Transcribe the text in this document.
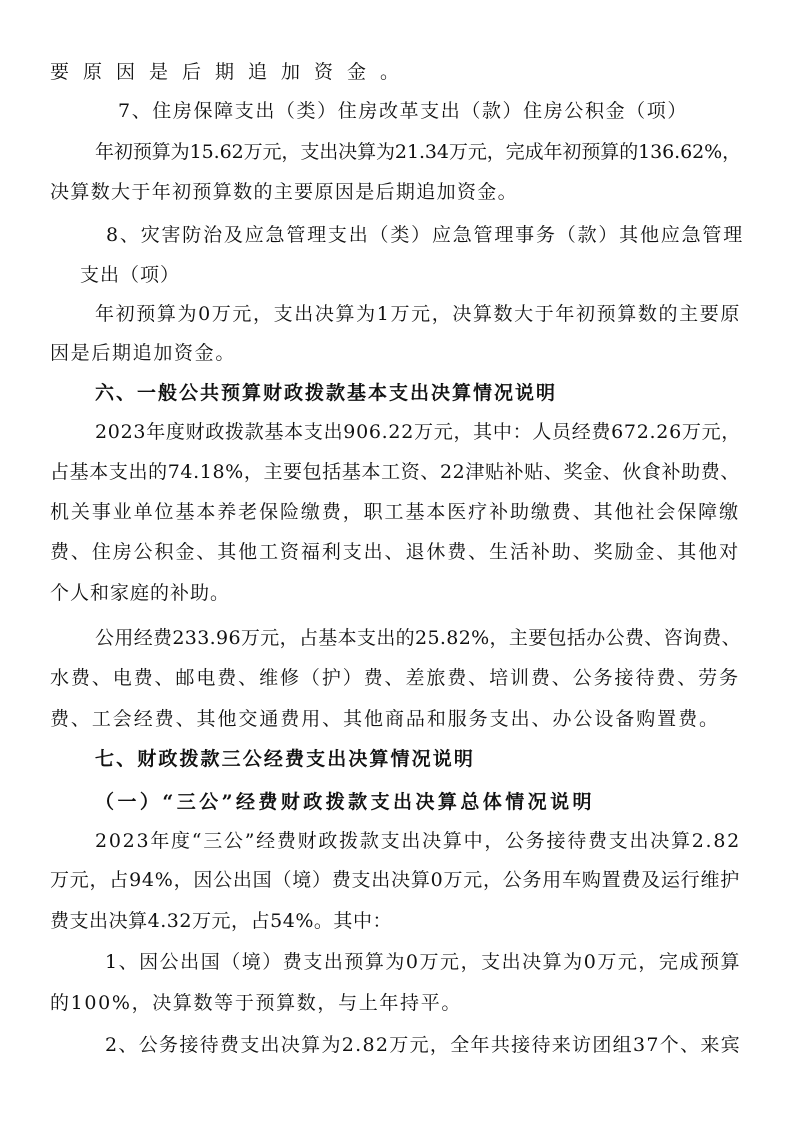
要原因是后期追加资金。
7、住房保障支出（类）住房改革支出（款）住房公积金（项）
年初预算为15.62万元，支出决算为21.34万元，完成年初预算的136.62%，
决算数大于年初预算数的主要原因是后期追加资金。
8、灾害防治及应急管理支出（类）应急管理事务（款）其他应急管理
支出（项）
年初预算为0万元，支出决算为1万元，决算数大于年初预算数的主要原
因是后期追加资金。
六、一般公共预算财政拨款基本支出决算情况说明
2023年度财政拨款基本支出906.22万元，其中：人员经费672.26万元，
占基本支出的74.18%，主要包括基本工资、22津贴补贴、奖金、伙食补助费、
机关事业单位基本养老保险缴费，职工基本医疗补助缴费、其他社会保障缴
费、住房公积金、其他工资福利支出、退休费、生活补助、奖励金、其他对
个人和家庭的补助。
公用经费233.96万元，占基本支出的25.82%，主要包括办公费、咨询费、
水费、电费、邮电费、维修（护）费、差旅费、培训费、公务接待费、劳务
费、工会经费、其他交通费用、其他商品和服务支出、办公设备购置费。
七、财政拨款三公经费支出决算情况说明
（一）“三公”经费财政拨款支出决算总体情况说明
2023年度“三公”经费财政拨款支出决算中，公务接待费支出决算2.82
万元，占94%，因公出国（境）费支出决算0万元，公务用车购置费及运行维护
费支出决算4.32万元，占54%。其中：
1、因公出国（境）费支出预算为0万元，支出决算为0万元，完成预算
的100%，决算数等于预算数，与上年持平。
2、公务接待费支出决算为2.82万元，全年共接待来访团组37个、来宾
